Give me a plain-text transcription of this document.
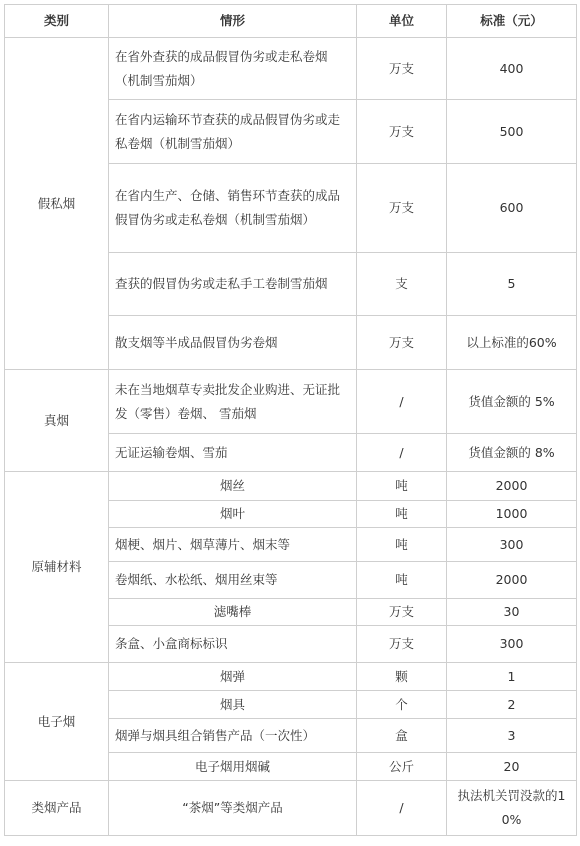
类别	情形	单位	标准（元）
假私烟	在省外查获的成品假冒伪劣或走私卷烟（机制雪茄烟）	万支	400
	在省内运输环节查获的成品假冒伪劣或走私卷烟（机制雪茄烟）	万支	500
	在省内生产、仓储、销售环节查获的成品假冒伪劣或走私卷烟（机制雪茄烟）	万支	600
	查获的假冒伪劣或走私手工卷制雪茄烟	支	5
	散支烟等半成品假冒伪劣卷烟	万支	以上标准的60%
真烟	未在当地烟草专卖批发企业购进、无证批发（零售）卷烟、 雪茄烟	/	货值金额的 5%
	无证运输卷烟、雪茄	/	货值金额的 8%
原辅材料	烟丝	吨	2000
	烟叶	吨	1000
	烟梗、烟片、烟草薄片、烟末等	吨	300
	卷烟纸、水松纸、烟用丝束等	吨	2000
	滤嘴棒	万支	30
	条盒、小盒商标标识	万支	300
电子烟	烟弹	颗	1
	烟具	个	2
	烟弹与烟具组合销售产品（一次性）	盒	3
	电子烟用烟碱	公斤	20
类烟产品	“茶烟”等类烟产品	/	执法机关罚没款的10%
